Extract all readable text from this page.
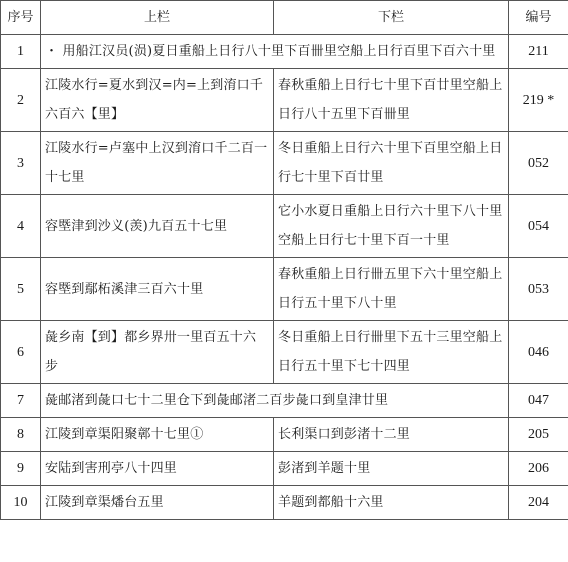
序号	上栏	下栏	编号
1	・ 用船江汉员(涢)夏日重船上日行八十里下百卌里空船上日行百里下百六十里		211
2	江陵水行=夏水到汉=内=上到淯口千六百六【里】	春秋重船上日行七十里下百廿里空船上日行八十五里下百卌里	219 *
3	江陵水行=卢塞中上汉到淯口千二百一十七里	冬日重船上日行六十里下百里空船上日行七十里下百廿里	052
4	容塈津到沙义(羡)九百五十七里	它小水夏日重船上日行六十里下八十里空船上日行七十里下百一十里	054
5	容塈到鄢柘溪津三百六十里	春秋重船上日行卌五里下六十里空船上日行五十里下八十里	053
6	彘乡南【到】都乡界卅一里百五十六步	冬日重船上日行卌里下五十三里空船上日行五十里下七十四里	046
7	彘邮渚到彘口七十二里仓下到彘邮渚二百步彘口到皇津廿里		047
8	江陵到章渠阳聚鄣十七里①	长利渠口到彭渚十二里	205
9	安陆到害刑亭八十四里	彭渚到羊题十里	206
10	江陵到章渠燔台五里	羊题到都船十六里	204
